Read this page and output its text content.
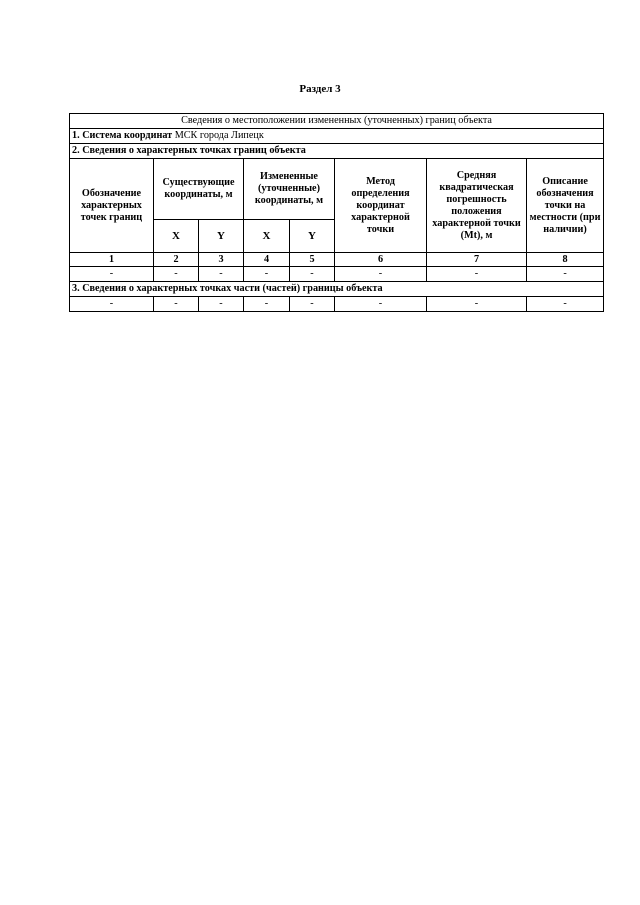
Раздел 3
Сведения о местоположении измененных (уточненных) границ объекта							
1. Система координат МСК города Липецк							
2. Сведения о характерных точках границ объекта							
Обозначение характерных точек границ	Существующие координаты, м		Измененные (уточненные) координаты, м		Метод определения координат характерной точки	Средняя квадратическая погрешность положения характерной точки (Mt), м	Описание обозначения точки на местности (при наличии)
	X	Y	X	Y			
1	2	3	4	5	6	7	8
-	-	-	-	-	-	-	-
3. Сведения о характерных точках части (частей) границы объекта							
-	-	-	-	-	-	-	-
